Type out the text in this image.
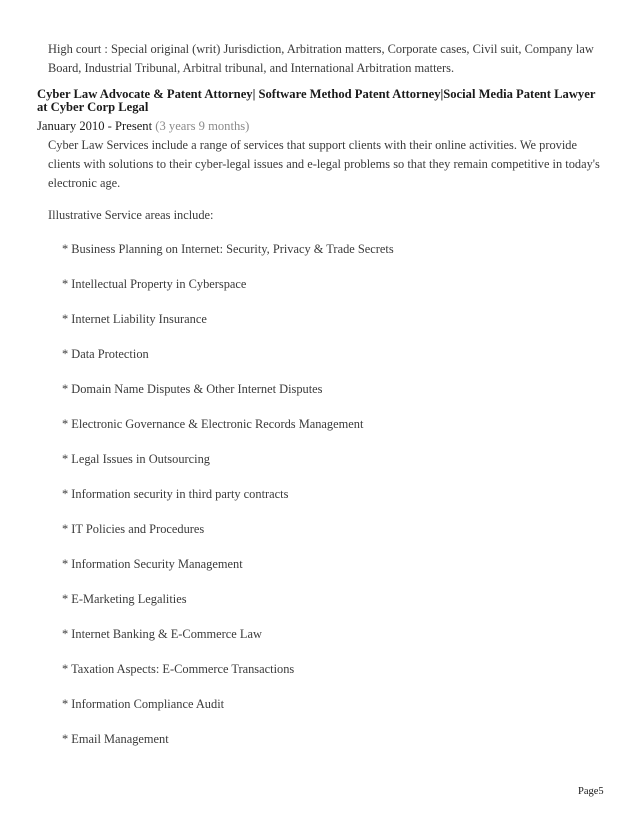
High court : Special original (writ) Jurisdiction, Arbitration matters, Corporate cases, Civil suit, Company law Board, Industrial Tribunal, Arbitral tribunal, and International Arbitration matters.
Cyber Law Advocate & Patent Attorney| Software Method Patent Attorney|Social Media Patent Lawyer
at Cyber Corp Legal
January 2010 - Present (3 years 9 months)
Cyber Law Services include a range of services that support clients with their online activities. We provide clients with solutions to their cyber-legal issues and e-legal problems so that they remain competitive in today's electronic age.
Illustrative Service areas include:
* Business Planning on Internet: Security, Privacy & Trade Secrets
* Intellectual Property in Cyberspace
* Internet Liability Insurance
* Data Protection
* Domain Name Disputes & Other Internet Disputes
* Electronic Governance & Electronic Records Management
* Legal Issues in Outsourcing
* Information security in third party contracts
* IT Policies and Procedures
* Information Security Management
* E-Marketing Legalities
* Internet Banking & E-Commerce Law
* Taxation Aspects: E-Commerce Transactions
* Information Compliance Audit
* Email Management
Page5
